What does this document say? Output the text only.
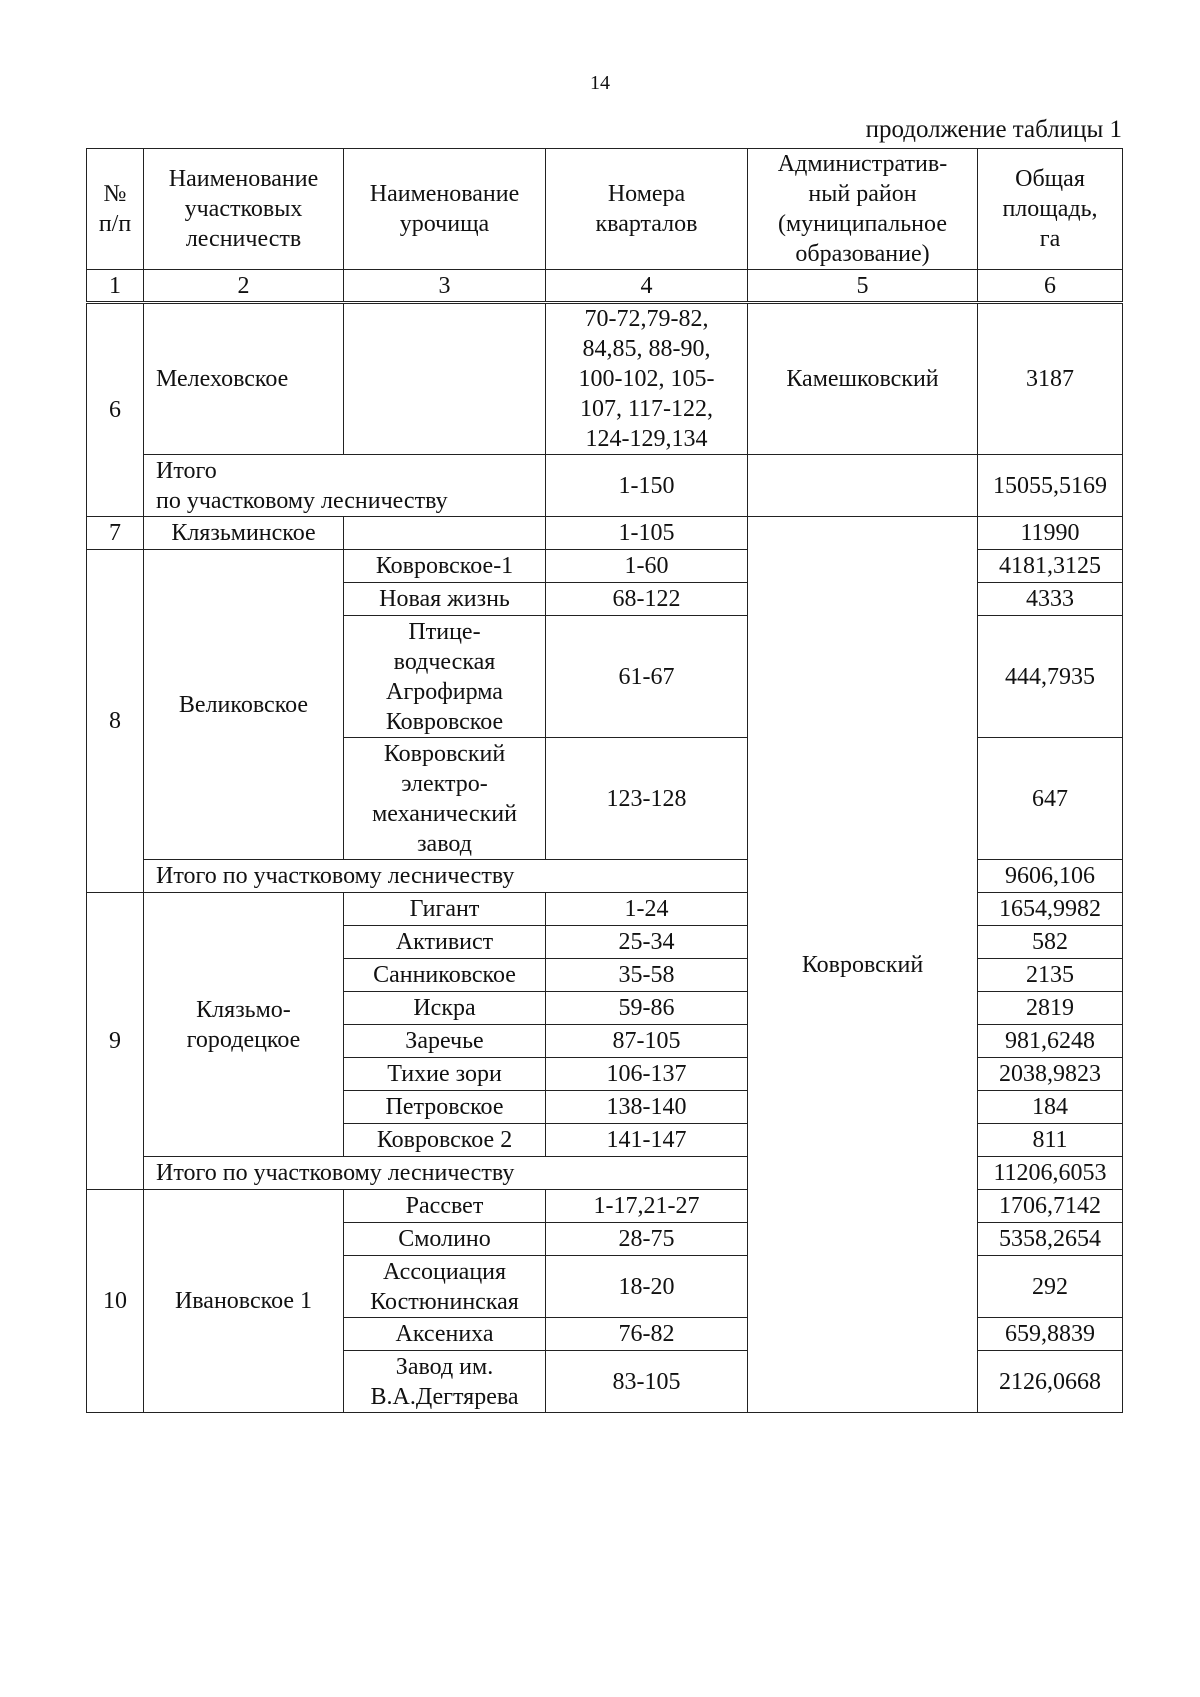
14
продолжение таблицы 1
№
п/п	Наименование
участковых
лесничеств	Наименование
урочища	Номера
кварталов	Административ-
ный район
(муниципальное
образование)	Общая
площадь,
га
1	2	3	4	5	6
6	Мелеховское		70-72,79-82,
84,85, 88-90,
100-102, 105-
107, 117-122,
124-129,134	Камешковский	3187
	Итого
по участковому лесничеству		1-150		15055,5169
7	Клязьминское		1-105	Ковровский	11990
8	Великовское	Ковровское-1	1-60		4181,3125
		Новая жизнь	68-122		4333
		Птице-
водческая
Агрофирма
Ковровское	61-67		444,7935
		Ковровский
электро-
механический
завод	123-128		647
	Итого по участковому лесничеству				9606,106
9	Клязьмо-
городецкое	Гигант	1-24		1654,9982
		Активист	25-34		582
		Санниковское	35-58		2135
		Искра	59-86		2819
		Заречье	87-105		981,6248
		Тихие зори	106-137		2038,9823
		Петровское	138-140		184
		Ковровское 2	141-147		811
	Итого по участковому лесничеству				11206,6053
10	Ивановское 1	Рассвет	1-17,21-27		1706,7142
		Смолино	28-75		5358,2654
		Ассоциация
Костюнинская	18-20		292
		Аксениха	76-82		659,8839
		Завод им.
В.А.Дегтярева	83-105		2126,0668
